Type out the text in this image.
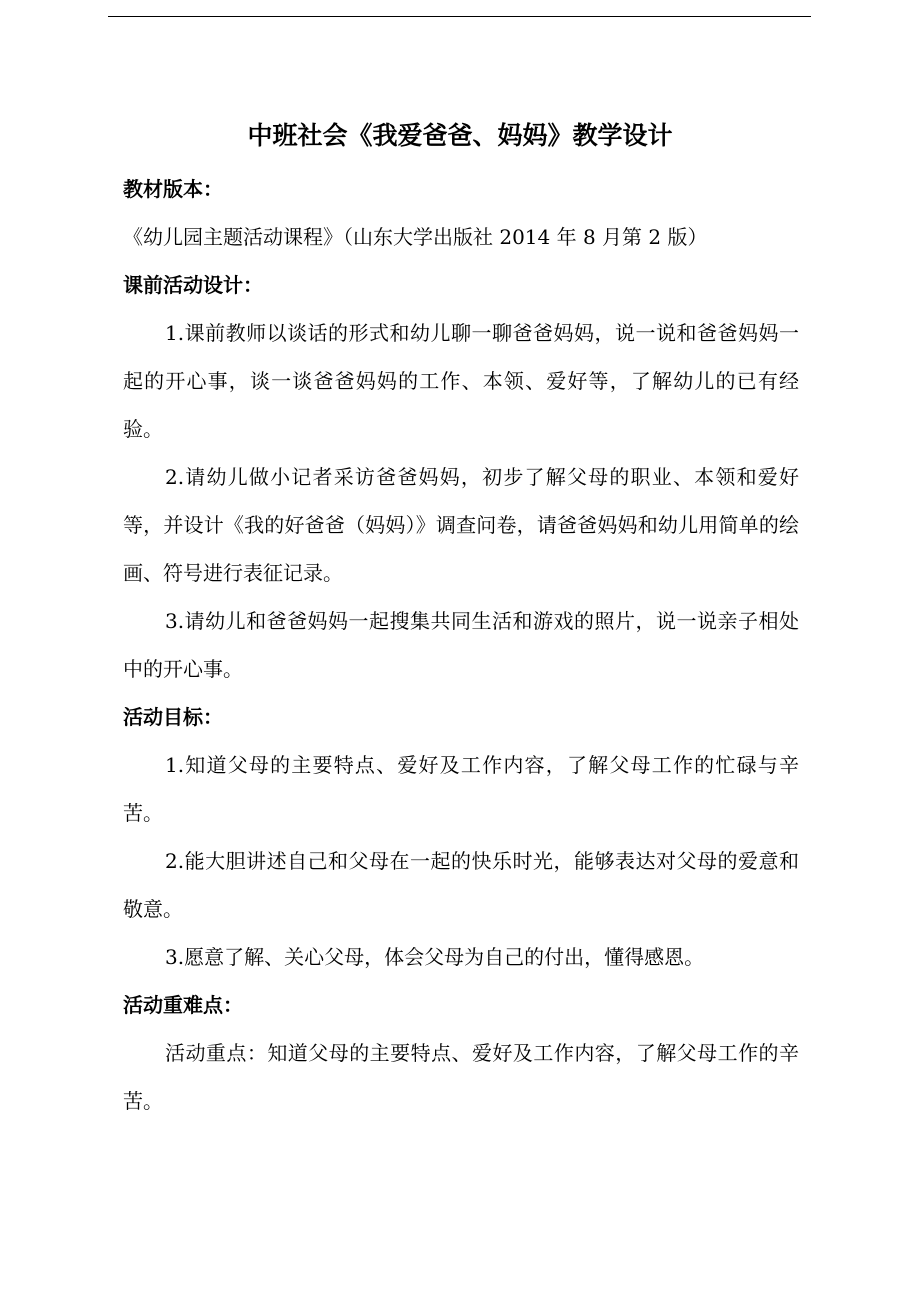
中班社会《我爱爸爸、妈妈》教学设计

教材版本：

《幼儿园主题活动课程》（山东大学出版社 2014 年 8 月第 2 版）

课前活动设计：

1.课前教师以谈话的形式和幼儿聊一聊爸爸妈妈，说一说和爸爸妈妈一起的开心事，谈一谈爸爸妈妈的工作、本领、爱好等，了解幼儿的已有经验。

2.请幼儿做小记者采访爸爸妈妈，初步了解父母的职业、本领和爱好等，并设计《我的好爸爸（妈妈）》调查问卷，请爸爸妈妈和幼儿用简单的绘画、符号进行表征记录。

3.请幼儿和爸爸妈妈一起搜集共同生活和游戏的照片，说一说亲子相处中的开心事。

活动目标：

1.知道父母的主要特点、爱好及工作内容，了解父母工作的忙碌与辛苦。

2.能大胆讲述自己和父母在一起的快乐时光，能够表达对父母的爱意和敬意。

3.愿意了解、关心父母，体会父母为自己的付出，懂得感恩。

活动重难点：

活动重点：知道父母的主要特点、爱好及工作内容，了解父母工作的辛苦。
